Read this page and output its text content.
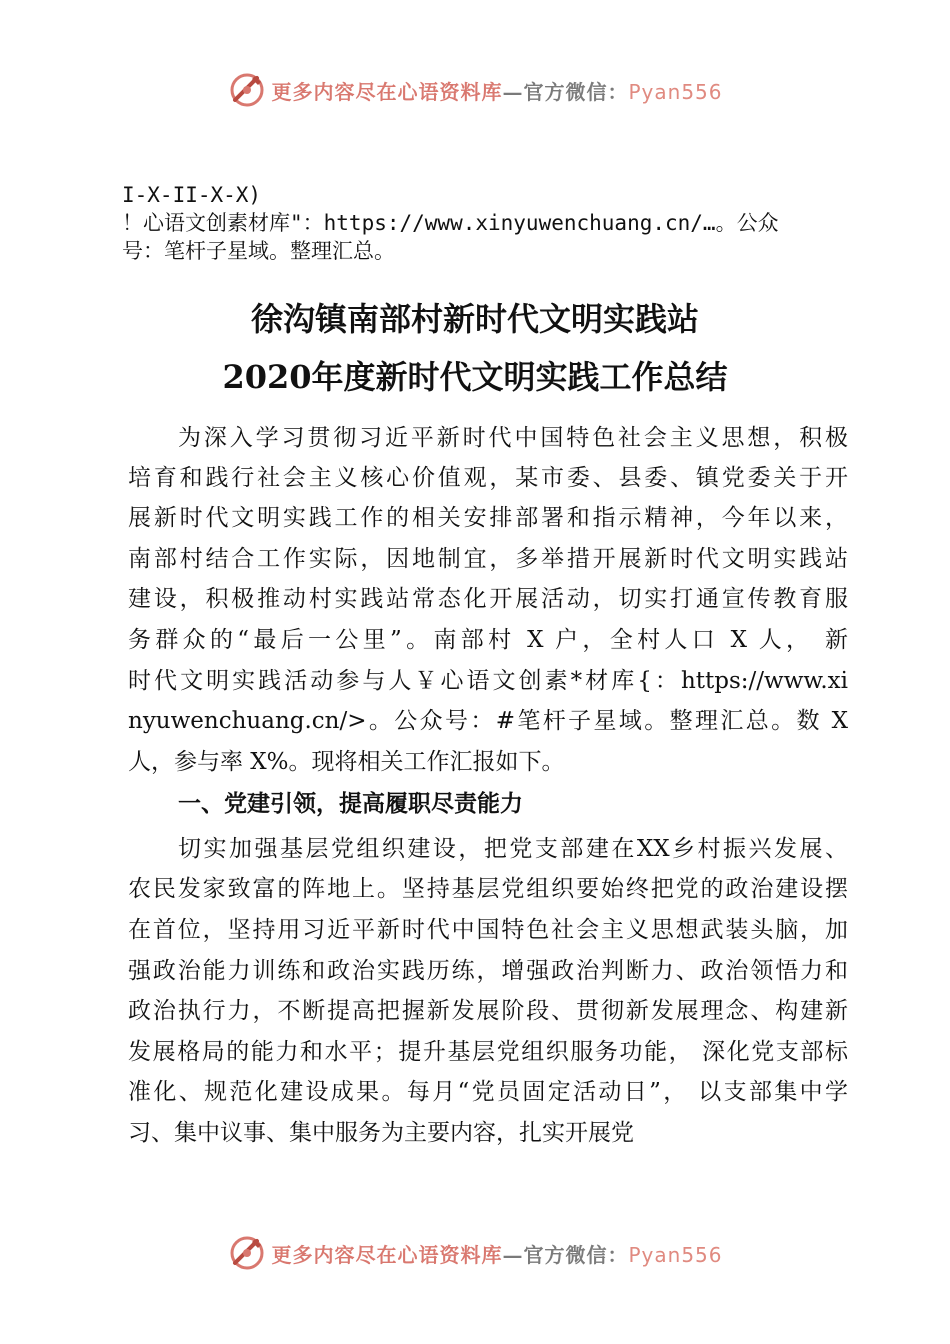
更多内容尽在心语资料库—官方微信：Pyan556
I-X-II-X-X)
！心语文创素材库"：https://www.xinyuwenchuang.cn/…。公众
号：笔杆子星域。整理汇总。
徐沟镇南部村新时代文明实践站
2020年度新时代文明实践工作总结
为深入学习贯彻习近平新时代中国特色社会主义思想，积极
培育和践行社会主义核心价值观，某市委、县委、镇党委关于开
展新时代文明实践工作的相关安排部署和指示精神，今年以来，
南部村结合工作实际，因地制宜，多举措开展新时代文明实践站
建设，积极推动村实践站常态化开展活动，切实打通宣传教育服
务群众的“最后一公里”。南部村 X 户，全村人口 X 人， 新
时代文明实践活动参与人￥心语文创素*材库{：https://www.xi
nyuwenchuang.cn/>。公众号：#笔杆子星域。整理汇总。数 X
人，参与率 X%。现将相关工作汇报如下。
一、党建引领，提高履职尽责能力
切实加强基层党组织建设，把党支部建在XX乡村振兴发展、
农民发家致富的阵地上。坚持基层党组织要始终把党的政治建设摆
在首位，坚持用习近平新时代中国特色社会主义思想武装头脑，加
强政治能力训练和政治实践历练，增强政治判断力、政治领悟力和
政治执行力，不断提高把握新发展阶段、贯彻新发展理念、构建新
发展格局的能力和水平；提升基层党组织服务功能， 深化党支部标
准化、规范化建设成果。每月“党员固定活动日”， 以支部集中学
习、集中议事、集中服务为主要内容，扎实开展党
更多内容尽在心语资料库—官方微信：Pyan556
